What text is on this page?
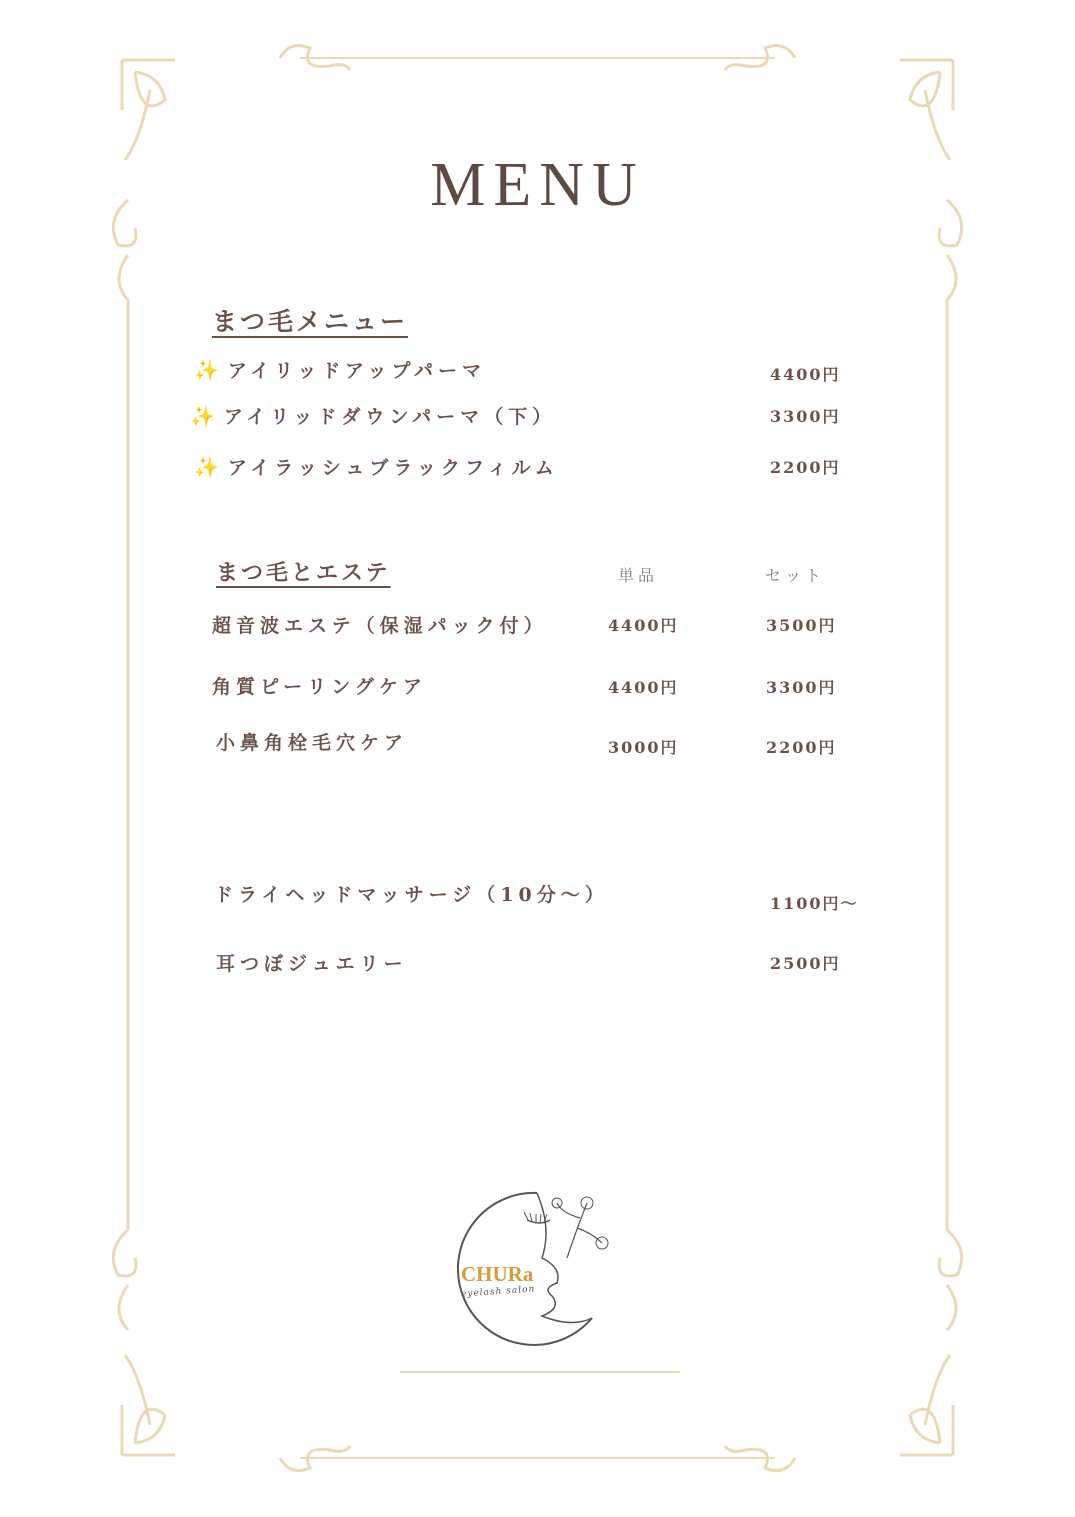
MENU
まつ毛メニュー
✨ アイリッドアップパーマ	4400円
✨ アイリッドダウンパーマ（下）	3300円
✨ アイラッシュブラックフィルム	2200円
まつ毛とエステ	単品	セット
超音波エステ（保湿パック付）	4400円	3500円
角質ピーリングケア	4400円	3300円
小鼻角栓毛穴ケア	3000円	2200円
ドライヘッドマッサージ（10分～）	1100円～
耳つぼジュエリー	2500円
CHURa
eyelash salon
